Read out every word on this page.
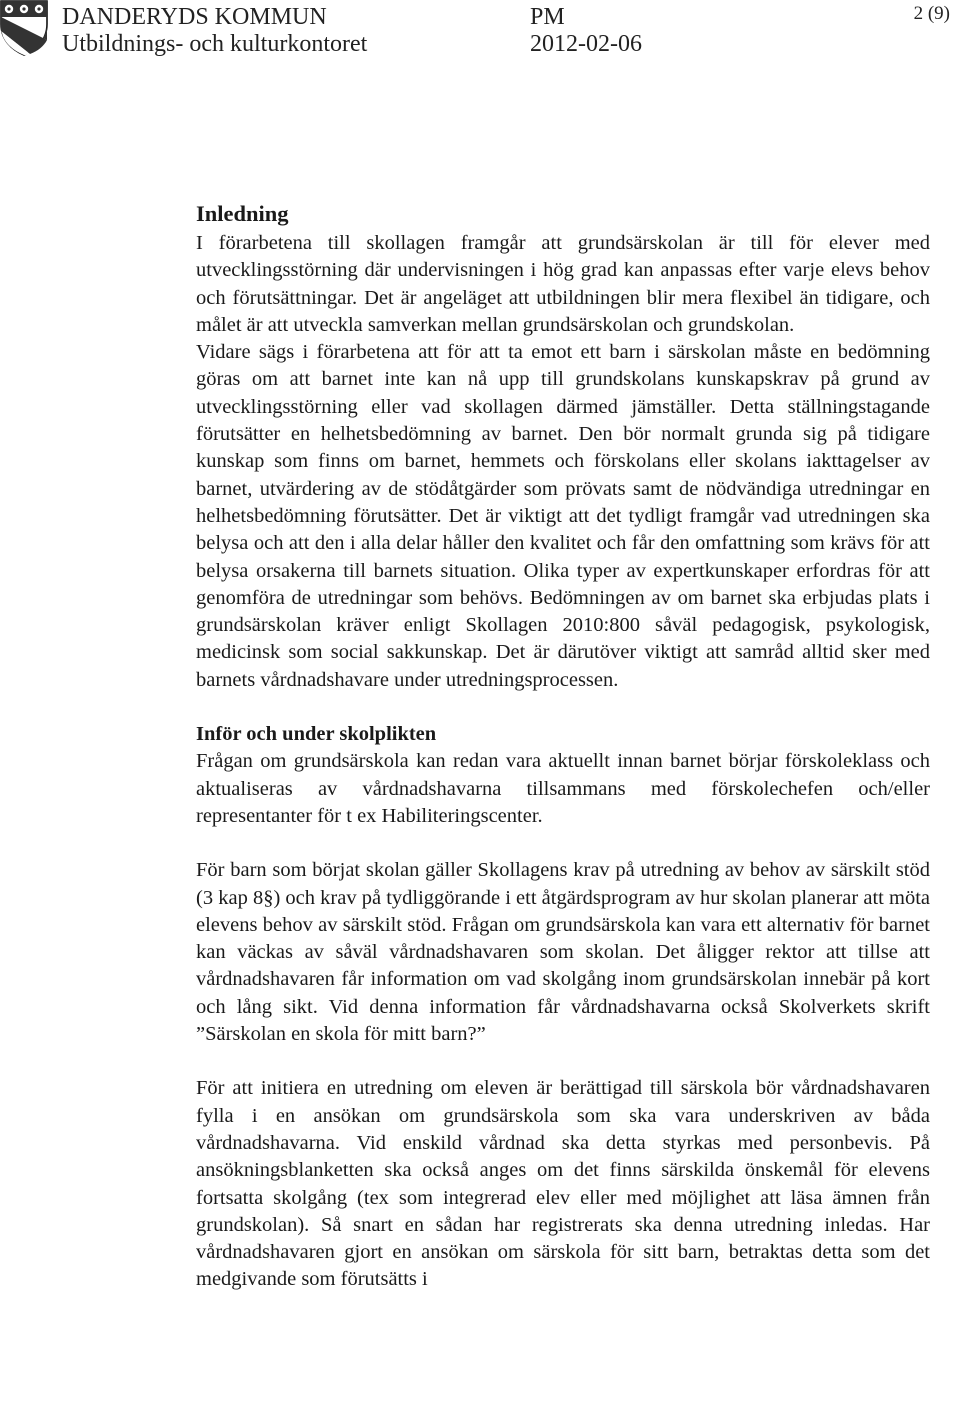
DANDERYDS KOMMUN
Utbildnings- och kulturkontoret
PM
2012-02-06
2 (9)

Inledning

I förarbetena till skollagen framgår att grundsärskolan är till för elever med utvecklingsstörning där undervisningen i hög grad kan anpassas efter varje elevs behov och förutsättningar. Det är angeläget att utbildningen blir mera flexibel än tidigare, och målet är att utveckla samverkan mellan grundsärskolan och grundskolan.

Vidare sägs i förarbetena att för att ta emot ett barn i särskolan måste en bedömning göras om att barnet inte kan nå upp till grundskolans kunskapskrav på grund av utvecklingsstörning eller vad skollagen därmed jämställer. Detta ställningstagande förutsätter en helhetsbedömning av barnet. Den bör normalt grunda sig på tidigare kunskap som finns om barnet, hemmets och förskolans eller skolans iakttagelser av barnet, utvärdering av de stödåtgärder som prövats samt de nödvändiga utredningar en helhetsbedömning förutsätter. Det är viktigt att det tydligt framgår vad utredningen ska belysa och att den i alla delar håller den kvalitet och får den omfattning som krävs för att belysa orsakerna till barnets situation. Olika typer av expertkunskaper erfordras för att genomföra de utredningar som behövs. Bedömningen av om barnet ska erbjudas plats i grundsärskolan kräver enligt Skollagen 2010:800 såväl pedagogisk, psykologisk, medicinsk som social sakkunskap. Det är därutöver viktigt att samråd alltid sker med barnets vårdnadshavare under utredningsprocessen.

Inför och under skolplikten

Frågan om grundsärskola kan redan vara aktuellt innan barnet börjar förskoleklass och aktualiseras av vårdnadshavarna tillsammans med förskolechefen och/eller representanter för t ex Habiliteringscenter.

För barn som börjat skolan gäller Skollagens krav på utredning av behov av särskilt stöd (3 kap 8§) och krav på tydliggörande i ett åtgärdsprogram av hur skolan planerar att möta elevens behov av särskilt stöd. Frågan om grundsärskola kan vara ett alternativ för barnet kan väckas av såväl vårdnadshavaren som skolan. Det åligger rektor att tillse att vårdnadshavaren får information om vad skolgång inom grundsärskolan innebär på kort och lång sikt. Vid denna information får vårdnadshavarna också Skolverkets skrift ”Särskolan en skola för mitt barn?”

För att initiera en utredning om eleven är berättigad till särskola bör vårdnadshavaren fylla i en ansökan om grundsärskola som ska vara underskriven av båda vårdnadshavarna. Vid enskild vårdnad ska detta styrkas med personbevis. På ansökningsblanketten ska också anges om det finns särskilda önskemål för elevens fortsatta skolgång (tex som integrerad elev eller med möjlighet att läsa ämnen från grundskolan). Så snart en sådan har registrerats ska denna utredning inledas. Har vårdnadshavaren gjort en ansökan om särskola för sitt barn, betraktas detta som det medgivande som förutsätts i
